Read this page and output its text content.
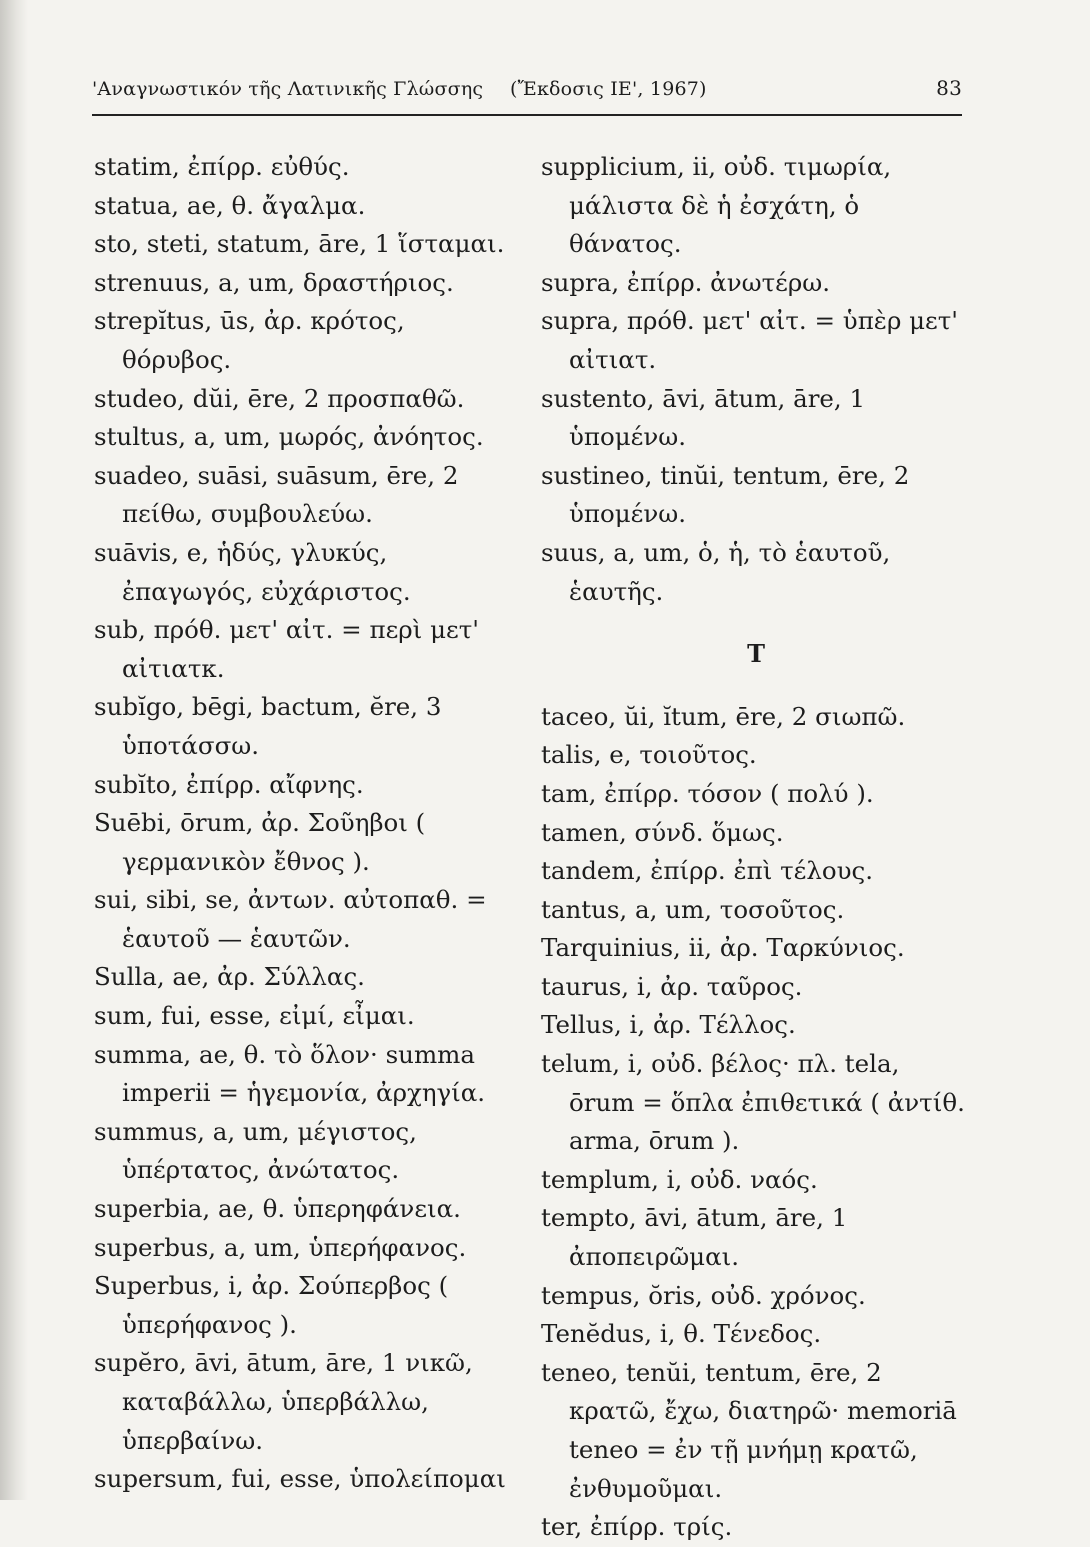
'Αναγνωστικόν τῆς Λατινικῆς Γλώσσης (Ἔκδοσις ΙΕ', 1967)	83

statim, ἐπίρρ. εὐθύς.

statua, ae, θ. ἄγαλμα.

sto, steti, statum, āre, 1 ἵσταμαι.

strenuus, a, um, δραστήριος.

strepĭtus, ūs, ἀρ. κρότος, θόρυβος.

studeo, dŭi, ēre, 2 προσπαθῶ.

stultus, a, um, μωρός, ἀνόητος.

suadeo, suāsi, suāsum, ēre, 2 πείθω, συμβουλεύω.

suāvis, e, ἡδύς, γλυκύς, ἐπαγωγός, εὐχάριστος.

sub, πρόθ. μετ' αἰτ. = περὶ μετ' αἰτιατκ.

subĭgo, bēgi, bactum, ĕre, 3 ὑποτάσσω.

subĭto, ἐπίρρ. αἴφνης.

Suēbi, ōrum, ἀρ. Σοῦηβοι ( γερμανικὸν ἔθνος ).

sui, sibi, se, ἀντων. αὐτοπαθ. = ἑαυτοῦ — ἑαυτῶν.

Sulla, ae, ἀρ. Σύλλας.

sum, fui, esse, εἰμί, εἶμαι.

summa, ae, θ. τὸ ὅλον· summa imperii = ἡγεμονία, ἀρχηγία.

summus, a, um, μέγιστος, ὑπέρτατος, ἀνώτατος.

superbia, ae, θ. ὑπερηφάνεια.

superbus, a, um, ὑπερήφανος.

Superbus, i, ἀρ. Σούπερβος ( ὑπερήφανος ).

supĕro, āvi, ātum, āre, 1 νικῶ, καταβάλλω, ὑπερβάλλω, ὑπερβαίνω.

supersum, fui, esse, ὑπολείπομαι

supplicium, ii, οὐδ. τιμωρία, μάλιστα δὲ ἡ ἐσχάτη, ὁ θάνατος.

supra, ἐπίρρ. ἀνωτέρω.

supra, πρόθ. μετ' αἰτ. = ὑπὲρ μετ' αἰτιατ.

sustento, āvi, ātum, āre, 1 ὑπομένω.

sustineo, tinŭi, tentum, ēre, 2 ὑπομένω.

suus, a, um, ὁ, ἡ, τὸ ἑαυτοῦ, ἑαυτῆς.

T

taceo, ŭi, ĭtum, ēre, 2 σιωπῶ.

talis, e, τοιοῦτος.

tam, ἐπίρρ. τόσον ( πολύ ).

tamen, σύνδ. ὅμως.

tandem, ἐπίρρ. ἐπὶ τέλους.

tantus, a, um, τοσοῦτος.

Tarquinius, ii, ἀρ. Ταρκύνιος.

taurus, i, ἀρ. ταῦρος.

Tellus, i, ἀρ. Τέλλος.

telum, i, οὐδ. βέλος· πλ. tela, ōrum = ὅπλα ἐπιθετικά ( ἀντίθ. arma, ōrum ).

templum, i, οὐδ. ναός.

tempto, āvi, ātum, āre, 1 ἀποπειρῶμαι.

tempus, ŏris, οὐδ. χρόνος.

Tenĕdus, i, θ. Τένεδος.

teneo, tenŭi, tentum, ēre, 2 κρατῶ, ἔχω, διατηρῶ· memoriā teneo = ἐν τῇ μνήμῃ κρατῶ, ἐνθυμοῦμαι.

ter, ἐπίρρ. τρίς.
